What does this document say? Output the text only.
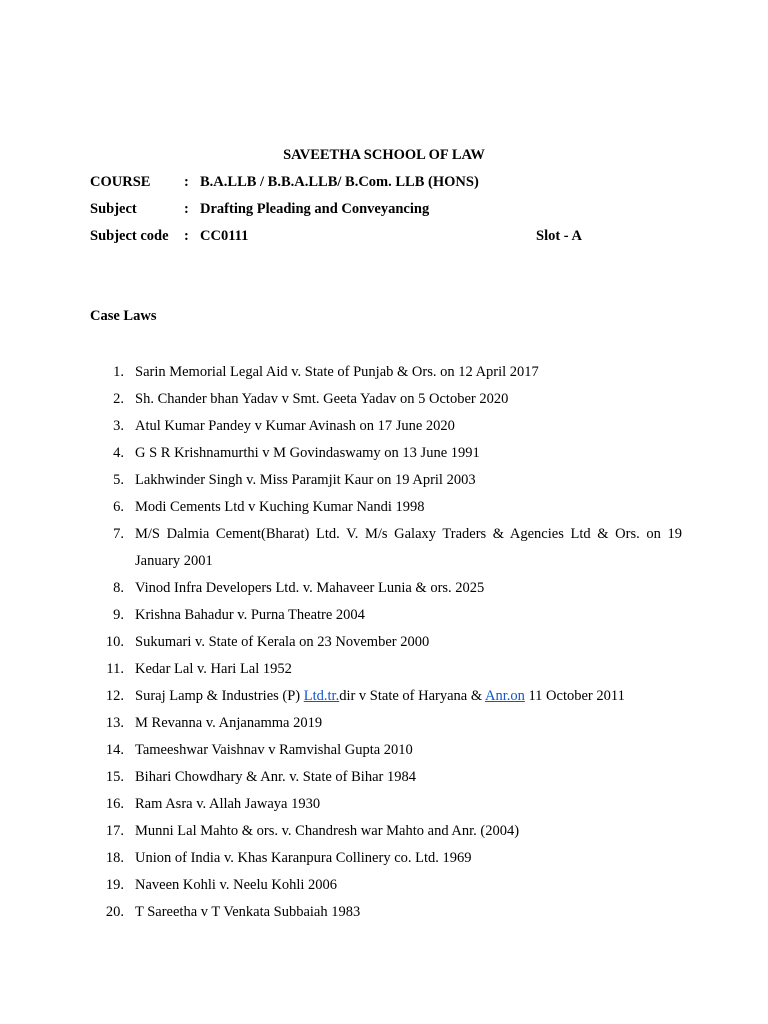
SAVEETHA SCHOOL OF LAW
COURSE : B.A.LLB / B.B.A.LLB/ B.Com. LLB (HONS)
Subject	: Drafting Pleading and Conveyancing
Subject code : CC0111	Slot - A
Case Laws
1. Sarin Memorial Legal Aid v. State of Punjab & Ors. on 12 April 2017
2. Sh. Chander bhan Yadav v Smt. Geeta Yadav on 5 October 2020
3. Atul Kumar Pandey v Kumar Avinash on 17 June 2020
4. G S R Krishnamurthi v M Govindaswamy on 13 June 1991
5. Lakhwinder Singh v. Miss Paramjit Kaur on 19 April 2003
6. Modi Cements Ltd v Kuching Kumar Nandi 1998
7. M/S Dalmia Cement(Bharat) Ltd. V. M/s Galaxy Traders & Agencies Ltd & Ors. on 19 January 2001
8. Vinod Infra Developers Ltd. v. Mahaveer Lunia & ors. 2025
9. Krishna Bahadur v. Purna Theatre 2004
10. Sukumari v. State of Kerala on 23 November 2000
11. Kedar Lal v. Hari Lal 1952
12. Suraj Lamp & Industries (P) Ltd.tr.dir v State of Haryana & Anr.on 11 October 2011
13. M Revanna v. Anjanamma 2019
14. Tameeshwar Vaishnav v Ramvishal Gupta 2010
15. Bihari Chowdhary & Anr. v. State of Bihar 1984
16. Ram Asra v. Allah Jawaya 1930
17. Munni Lal Mahto & ors. v. Chandresh war Mahto and Anr. (2004)
18. Union of India v. Khas Karanpura Collinery co. Ltd. 1969
19. Naveen Kohli v. Neelu Kohli 2006
20. T Sareetha v T Venkata Subbaiah 1983
